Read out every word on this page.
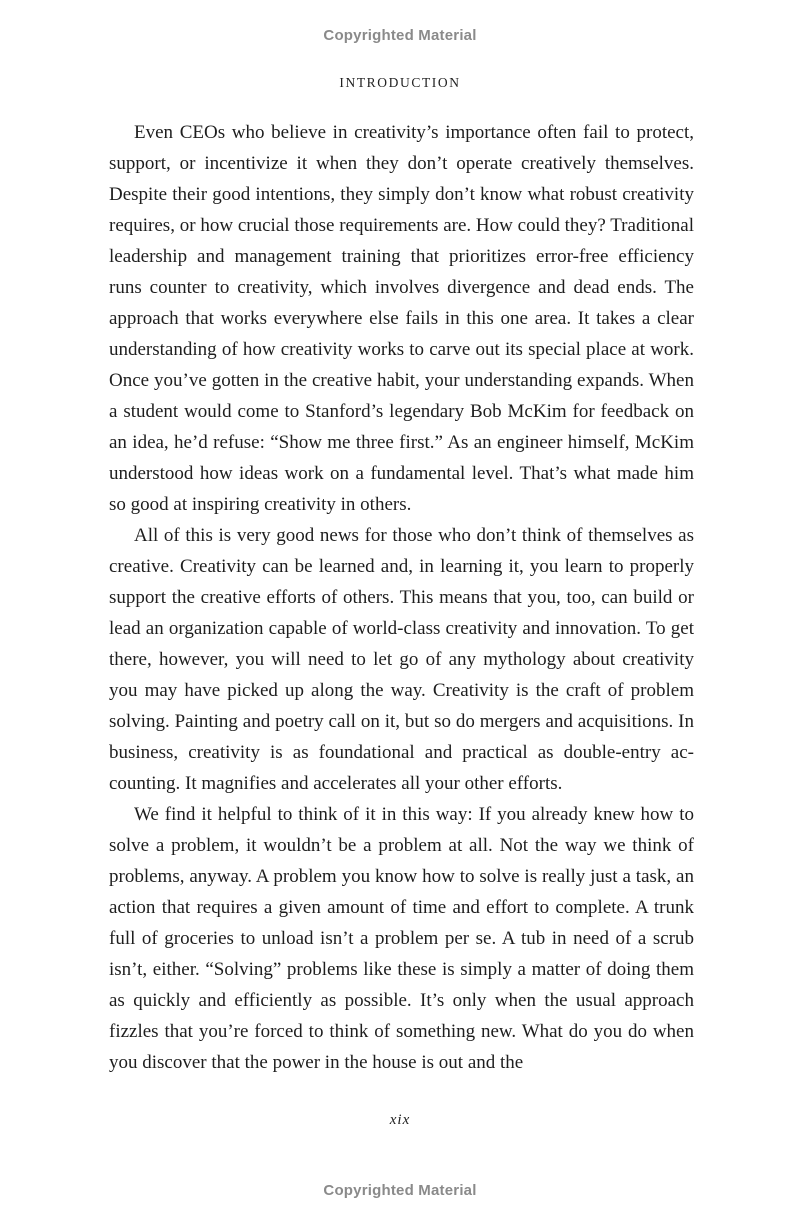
Copyrighted Material
INTRODUCTION

Even CEOs who believe in creativity’s importance often fail to protect, support, or incentivize it when they don’t operate creatively themselves. Despite their good intentions, they simply don’t know what robust creativity requires, or how crucial those requirements are. How could they? Traditional leadership and management training that prioritizes error-free efficiency runs counter to creativity, which involves divergence and dead ends. The approach that works everywhere else fails in this one area. It takes a clear understanding of how creativity works to carve out its special place at work. Once you’ve gotten in the creative habit, your understanding expands. When a student would come to Stanford’s legendary Bob McKim for feedback on an idea, he’d refuse: “Show me three first.” As an engineer himself, McKim understood how ideas work on a fundamental level. That’s what made him so good at inspiring creativity in others.

All of this is very good news for those who don’t think of themselves as creative. Creativity can be learned and, in learning it, you learn to properly support the creative efforts of others. This means that you, too, can build or lead an organization capable of world-class creativity and innovation. To get there, however, you will need to let go of any mythology about creativity you may have picked up along the way. Creativity is the craft of problem solving. Painting and poetry call on it, but so do mergers and acquisitions. In business, creativity is as foundational and practical as double-entry accounting. It magnifies and accelerates all your other efforts.

We find it helpful to think of it in this way: If you already knew how to solve a problem, it wouldn’t be a problem at all. Not the way we think of problems, anyway. A problem you know how to solve is really just a task, an action that requires a given amount of time and effort to complete. A trunk full of groceries to unload isn’t a problem per se. A tub in need of a scrub isn’t, either. “Solving” problems like these is simply a matter of doing them as quickly and efficiently as possible. It’s only when the usual approach fizzles that you’re forced to think of something new. What do you do when you discover that the power in the house is out and the

xix
Copyrighted Material
